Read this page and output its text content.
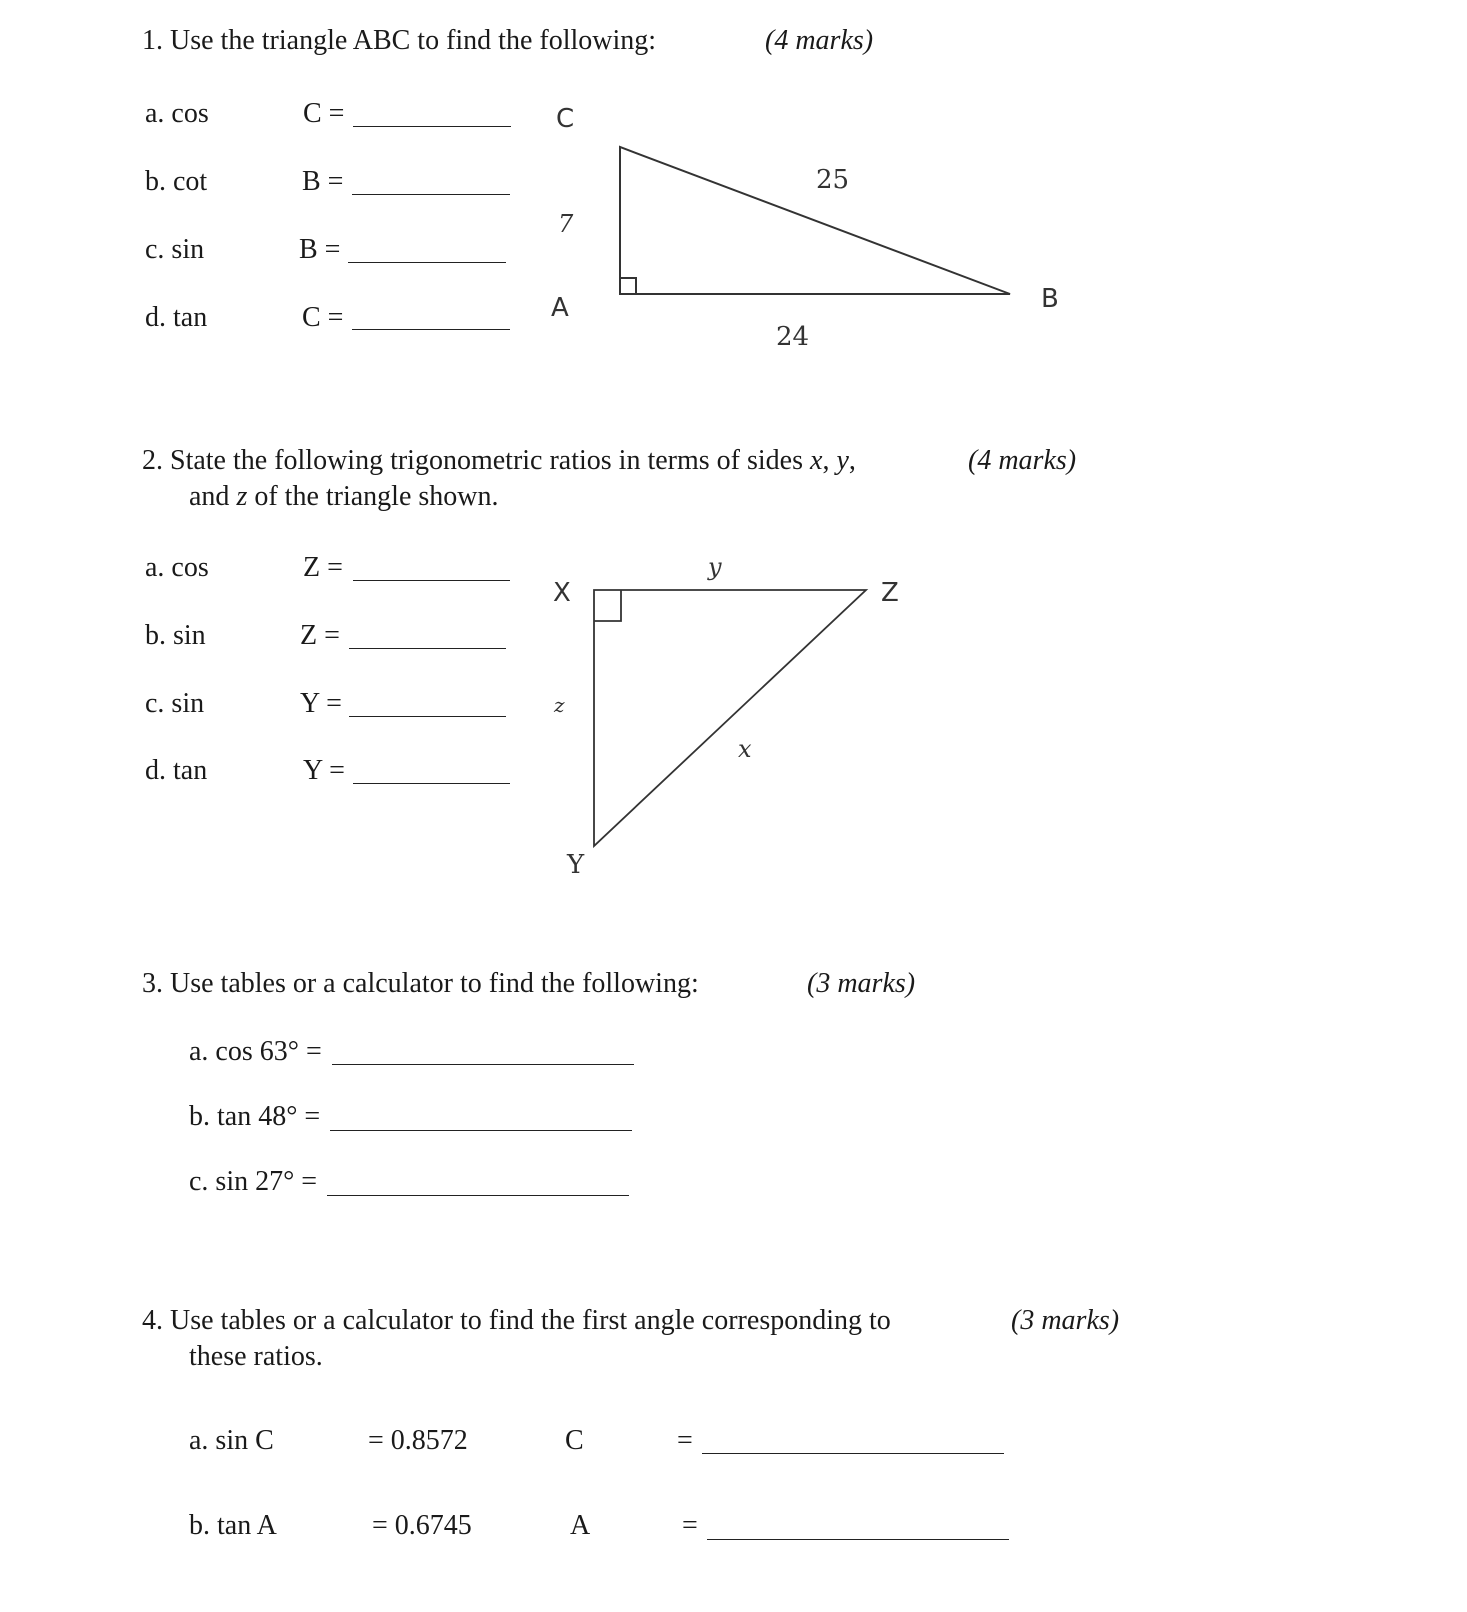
1. Use the triangle ABC to find the following:	(4 marks)
a. cos	C =
b. cot	B =
c. sin	B =
d. tan	C =
C
A	B
7
25
24
2. State the following trigonometric ratios in terms of sides x, y,
and z of the triangle shown.
(4 marks)
a. cos	Z =
b. sin	Z =
c. sin	Y =
d. tan	Y =
X	Z
Y
y
z
x
3. Use tables or a calculator to find the following:	(3 marks)
a. cos 63° =
b. tan 48° =
c. sin 27° =
4. Use tables or a calculator to find the first angle corresponding to
these ratios.
(3 marks)
a. sin C	= 0.8572	C	=
b. tan A	= 0.6745	A	=
